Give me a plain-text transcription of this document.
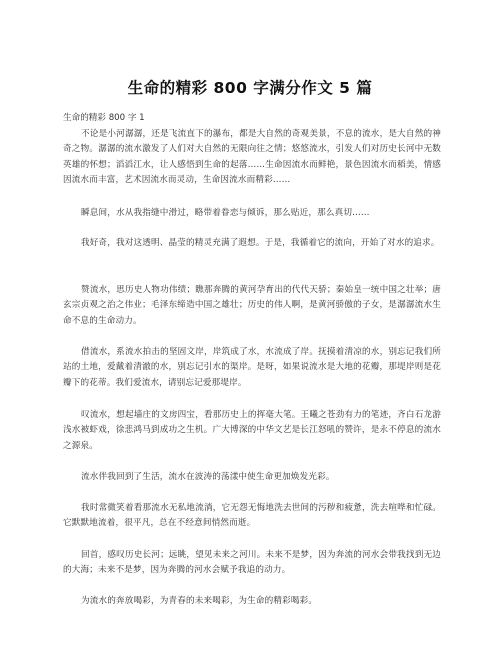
生命的精彩 800 字满分作文 5 篇
生命的精彩 800 字 1

不论是小河潺潺，还是飞流直下的瀑布，都是大自然的奇观美景，不息的流水，是大自然的神奇之物。潺潺的流水激发了人们对大自然的无限向往之情；悠悠流水，引发人们对历史长河中无数英雄的怀想；滔滔江水，让人感悟到生命的起落……生命因流水而鲜艳，景色因流水而稻美，情感因流水而丰富，艺术因流水而灵动，生命因流水而精彩……

瞬息间，水从我指缝中滑过，略带着眷恋与倾诉，那么贴近，那么真切……

我好奇，我对这透明、晶莹的精灵充满了遐想。于是，我循着它的流向，开始了对水的追求。

赞流水，思历史人物功伟绩；瞧那奔腾的黄河孕育出的代代天骄；秦始皇一统中国之壮举；唐玄宗贞观之治之伟业；毛泽东缔造中国之雄壮；历史的伟人啊，是黄河骄傲的子女，是潺潺流水生命不息的生命动力。

借流水，系流水拍击的坚固文岸，岸筑成了水，水流成了岸。抚摸着清凉的水，别忘记我们所站的土地，爱戴着清澈的水，别忘记引水的渠岸。是呀，如果说流水是大地的花瓣，那堤岸则是花瓣下的花蒂。我们爱流水，请别忘记爱那堤岸。

叹流水，想起墙庄的文房四宝，看那历史上的挥毫大笔。王曦之苍劲有力的笔迹，齐白石龙游浅水被虾戏，徐悲鸿马到成功之生机。广大博深的中华文艺是长江怒吼的赞许，是永不停息的流水之源泉。

流水伴我回到了生活，流水在波涛的荡漾中使生命更加焕发光彩。

我时常微笑着看那流水无私地流淌，它无怨无悔地洗去世间的污秽和疲惫，洗去喧哗和忙碌。它默默地流着，很平凡，总在不经意间悄然而逝。

回首，感叹历史长河；远眺，望见未来之河川。未来不是梦，因为奔流的河水会带我找到无边的大海；未来不是梦，因为奔腾的河水会赋予我追的动力。

为流水的奔放喝彩，为青春的未来喝彩，为生命的精彩喝彩。
